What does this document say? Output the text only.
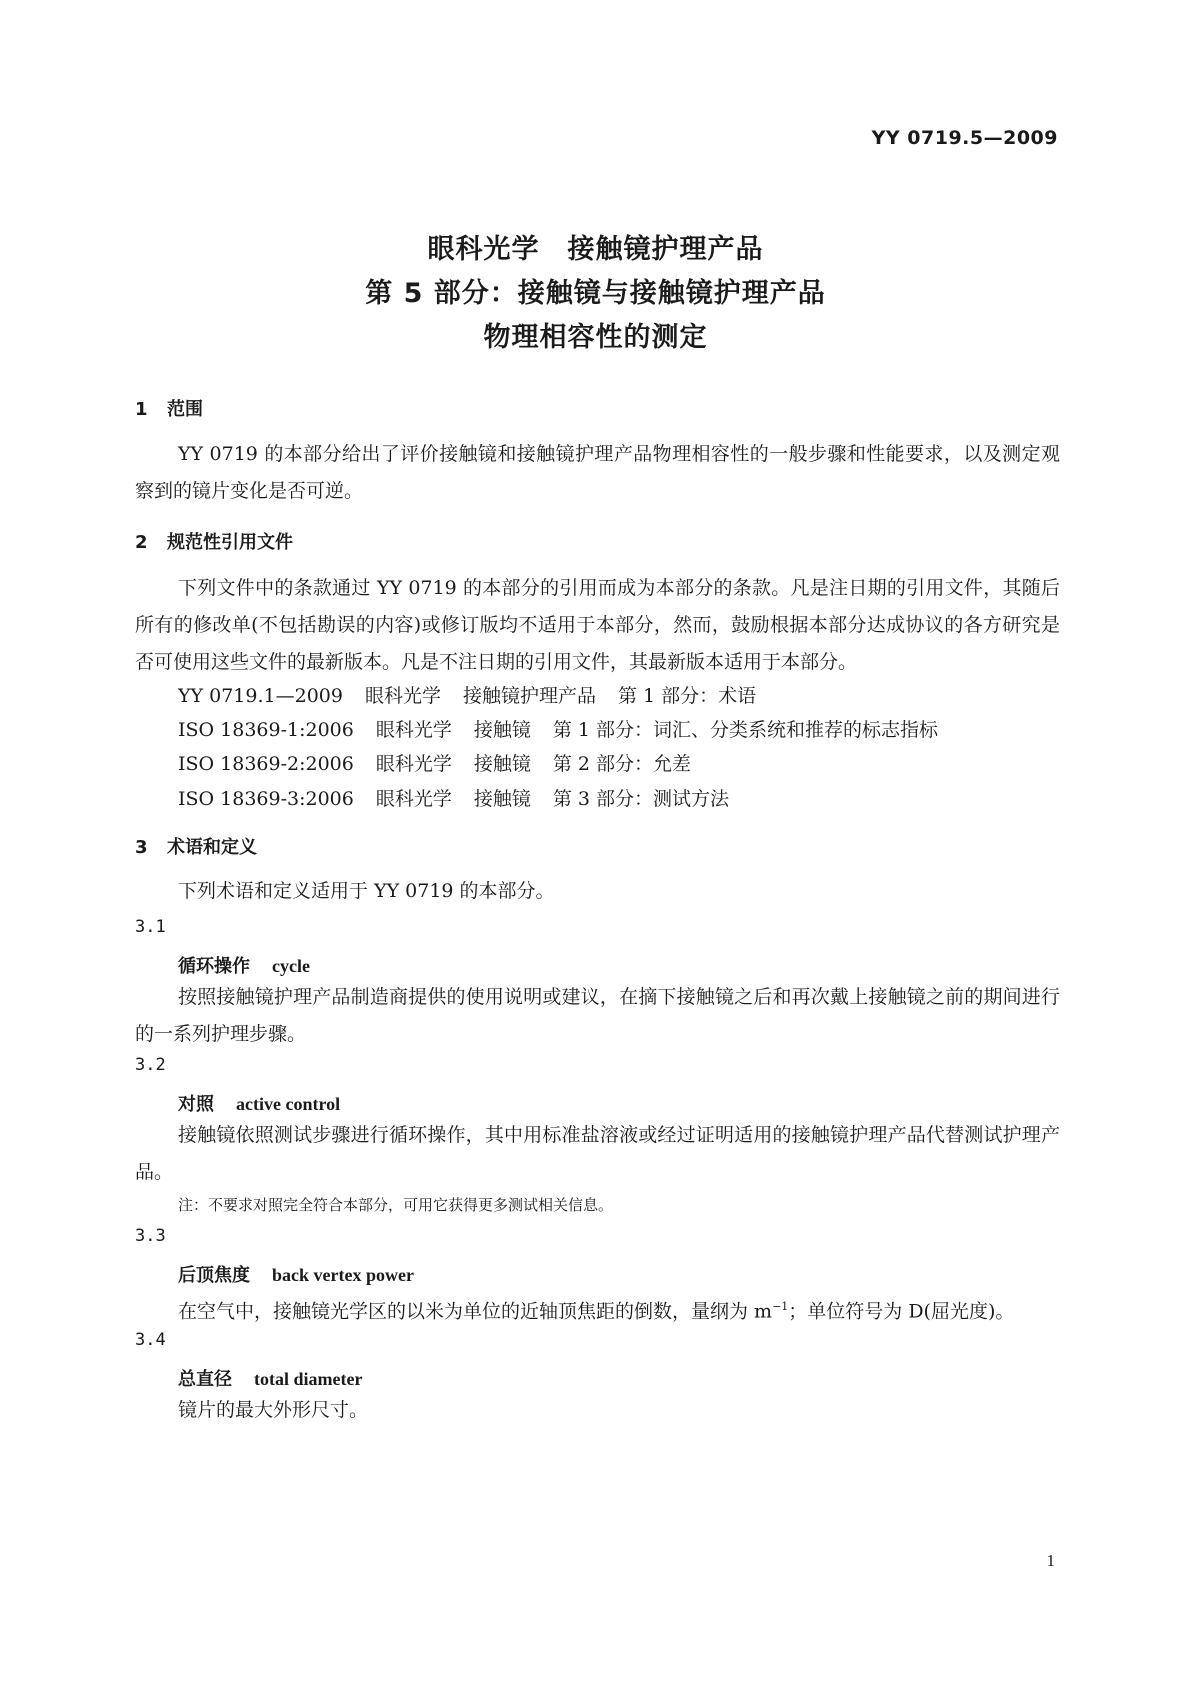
YY 0719.5—2009
眼科光学　接触镜护理产品
第 5 部分：接触镜与接触镜护理产品
物理相容性的测定
1 范围
YY 0719 的本部分给出了评价接触镜和接触镜护理产品物理相容性的一般步骤和性能要求，以及测定观察到的镜片变化是否可逆。
2 规范性引用文件
下列文件中的条款通过 YY 0719 的本部分的引用而成为本部分的条款。凡是注日期的引用文件，其随后所有的修改单(不包括勘误的内容)或修订版均不适用于本部分，然而，鼓励根据本部分达成协议的各方研究是否可使用这些文件的最新版本。凡是不注日期的引用文件，其最新版本适用于本部分。
YY 0719.1—2009 眼科光学 接触镜护理产品 第 1 部分：术语
ISO 18369-1:2006 眼科光学 接触镜 第 1 部分：词汇、分类系统和推荐的标志指标
ISO 18369-2:2006 眼科光学 接触镜 第 2 部分：允差
ISO 18369-3:2006 眼科光学 接触镜 第 3 部分：测试方法
3 术语和定义
下列术语和定义适用于 YY 0719 的本部分。
3.1
循环操作 cycle
按照接触镜护理产品制造商提供的使用说明或建议，在摘下接触镜之后和再次戴上接触镜之前的期间进行的一系列护理步骤。
3.2
对照 active control
接触镜依照测试步骤进行循环操作，其中用标准盐溶液或经过证明适用的接触镜护理产品代替测试护理产品。
注：不要求对照完全符合本部分，可用它获得更多测试相关信息。
3.3
后顶焦度 back vertex power
在空气中，接触镜光学区的以米为单位的近轴顶焦距的倒数，量纲为 $m^{-1}$；单位符号为 D(屈光度)。
3.4
总直径 total diameter
镜片的最大外形尺寸。
1
